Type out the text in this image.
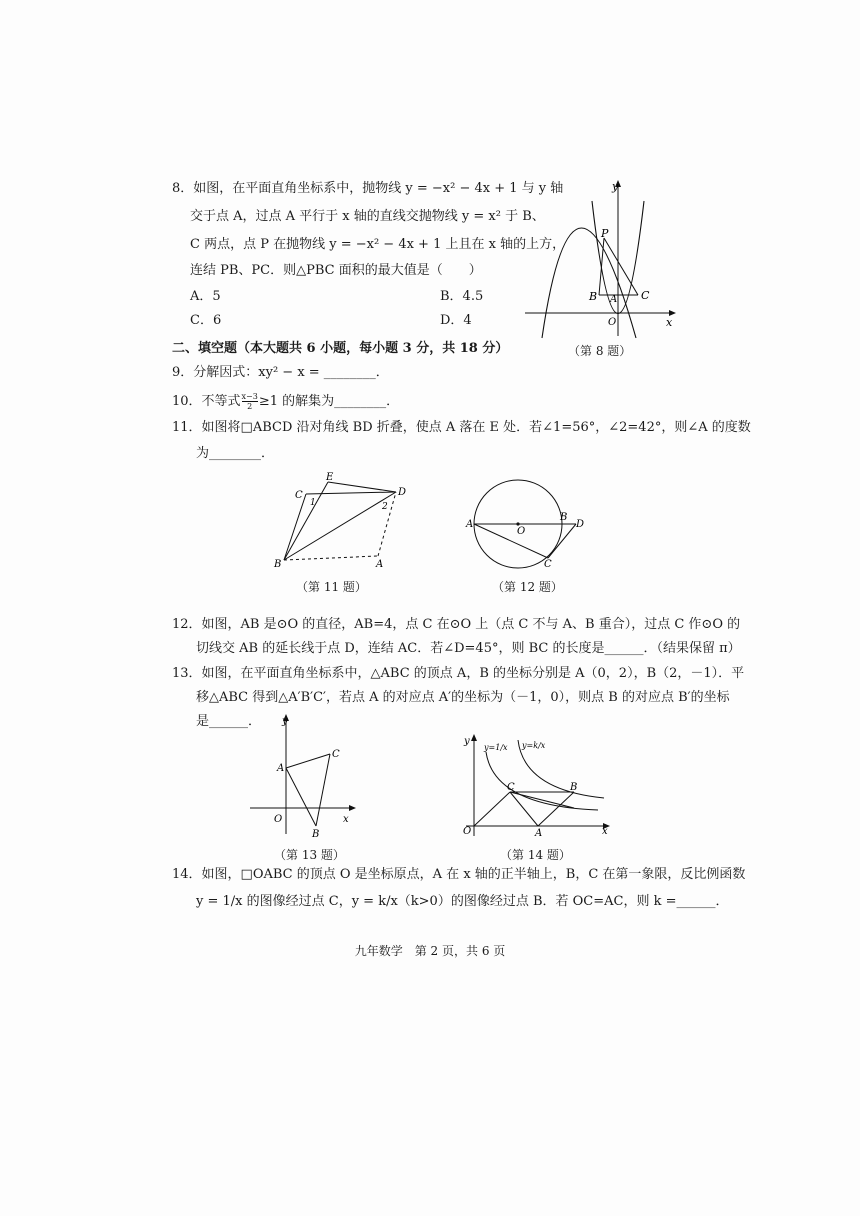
8．如图，在平面直角坐标系中，抛物线 y = −x² − 4x + 1 与 y 轴
交于点 A，过点 A 平行于 x 轴的直线交抛物线 y = x² 于 B、
C 两点，点 P 在抛物线 y = −x² − 4x + 1 上且在 x 轴的上方，
连结 PB、PC．则△PBC 面积的最大值是（　　）
A．5	B．4.5
C．6	D．4
y
x
P
B A C
O
（第 8 题）
二、填空题（本大题共 6 小题，每小题 3 分，共 18 分）
9．分解因式：xy² − x = ________．
10．不等式 $\frac{x-3}{2} \ge 1$ 的解集为________．
11．如图将□ABCD 沿对角线 BD 折叠，使点 A 落在 E 处．若∠1=56°，∠2=42°，则∠A 的度数
为________．
E
C	D
1	2
B	A
（第 11 题）
A
O
B
D
C
（第 12 题）
12．如图，AB 是⊙O 的直径，AB=4，点 C 在⊙O 上（点 C 不与 A、B 重合），过点 C 作⊙O 的
切线交 AB 的延长线于点 D，连结 AC．若∠D=45°，则 BC 的长度是______．（结果保留 π）
13．如图，在平面直角坐标系中，△ABC 的顶点 A，B 的坐标分别是 A（0，2），B（2，－1）．平
移△ABC 得到△A′B′C′，若点 A 的对应点 A′的坐标为（－1，0），则点 B 的对应点 B′的坐标
是______． y
x
A
C
O
B
（第 13 题）
y
x
y=1/x y=k/x
C	B
O	A
（第 14 题）
14．如图，□OABC 的顶点 O 是坐标原点，A 在 x 轴的正半轴上，B，C 在第一象限，反比例函数
y = 1/x 的图像经过点 C，y = k/x（k>0）的图像经过点 B．若 OC=AC，则 k =______．
九年数学　第 2 页，共 6 页
